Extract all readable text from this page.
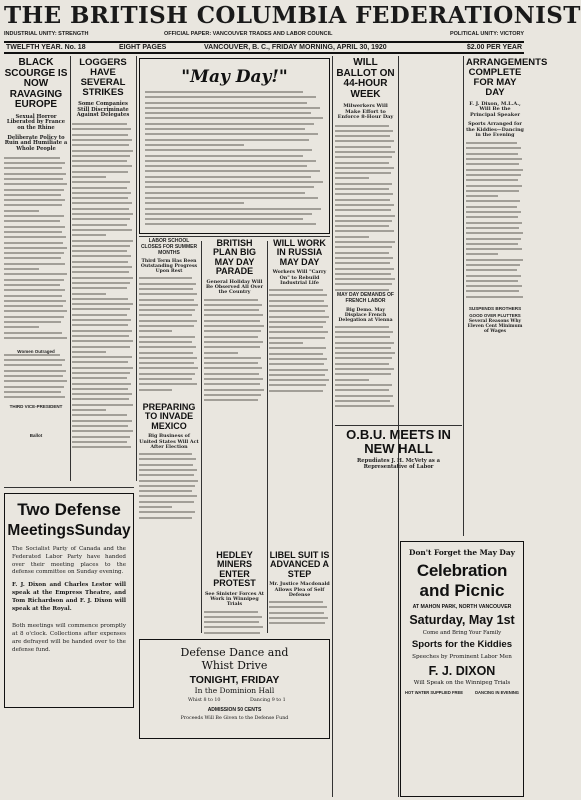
THE BRITISH COLUMBIA FEDERATIONIST
INDUSTRIAL UNITY: STRENGTH	OFFICIAL PAPER: VANCOUVER TRADES AND LABOR COUNCIL	POLITICAL UNITY: VICTORY
TWELFTH YEAR. No. 18	EIGHT PAGES	VANCOUVER, B. C., FRIDAY MORNING, APRIL 30, 1920	$2.00 PER YEAR
BLACK SCOURGE IS NOW RAVAGING EUROPE
Sexual Horror Liberated by France on the Rhine
Deliberate Policy to Ruin and Humiliate a Whole People
Women Outraged
THIRD VICE-PRESIDENT
Ballot
LOGGERS HAVE SEVERAL STRIKES
Some Companies Still Discriminate Against Delegates
"May Day!"
LABOR SCHOOL CLOSES FOR SUMMER MONTHS
Third Term Has Been Outstanding Progress Upon Rest
BRITISH PLAN BIG MAY DAY PARADE
General Holiday Will Be Observed All Over the Country
WILL WORK IN RUSSIA MAY DAY
Workers Will "Carry On" to Rebuild Industrial Life
PREPARING TO INVADE MEXICO
Big Business of United States Will Act After Election
HEDLEY MINERS ENTER PROTEST
See Sinister Forces At Work in Winnipeg Trials
LIBEL SUIT IS ADVANCED A STEP
Mr. Justice Macdonald Allows Plea of Self Defense
WILL BALLOT ON 44-HOUR WEEK
Milwerkers Will Make Effort to Enforce 8-Hour Day
MAY DAY DEMANDS OF FRENCH LABOR
Big Demo. May Displace French Delegation at Vienna
O.B.U. MEETS IN NEW HALL
Repudiates J. H. McVety as a Representative of Labor
ARRANGEMENTS COMPLETE FOR MAY DAY
F. J. Dixon, M.L.A., Will Be the Principal Speaker
Sports Arranged for the Kiddies—Dancing in the Evening
SUSPENDS BROTHERS
GOOD OVER PLUTTERS
Several Reasons Why Eleven Cent Minimum of Wages
Two Defense
MeetingsSunday
The Socialist Party of Canada and the Federated Labor Party have handed over their meeting places to the defense committee on Sunday evening.
F. J. Dixon and Charles Lestor will speak at the Empress Theatre, and Tom Richardson and F. J. Dixon will speak at the Royal.
Both meetings will commence promptly at 8 o'clock. Collections after expenses are defrayed will be handed over to the defense fund.	Defense Dance and
Whist Drive
TONIGHT, FRIDAY
In the Dominion Hall
Whist 8 to 10	Dancing 9 to 1
ADMISSION 50 CENTS
Proceeds Will Be Given to the Defense Fund
Don't Forget the May Day
Celebration
and Picnic
AT MAHON PARK, NORTH VANCOUVER
Saturday, May 1st
Come and Bring Your Family
Sports for the Kiddies
Speeches by Prominent Labor Men
F. J. DIXON
Will Speak on the Winnipeg Trials
HOT WATER SUPPLIED FREE	DANCING IN EVENING
